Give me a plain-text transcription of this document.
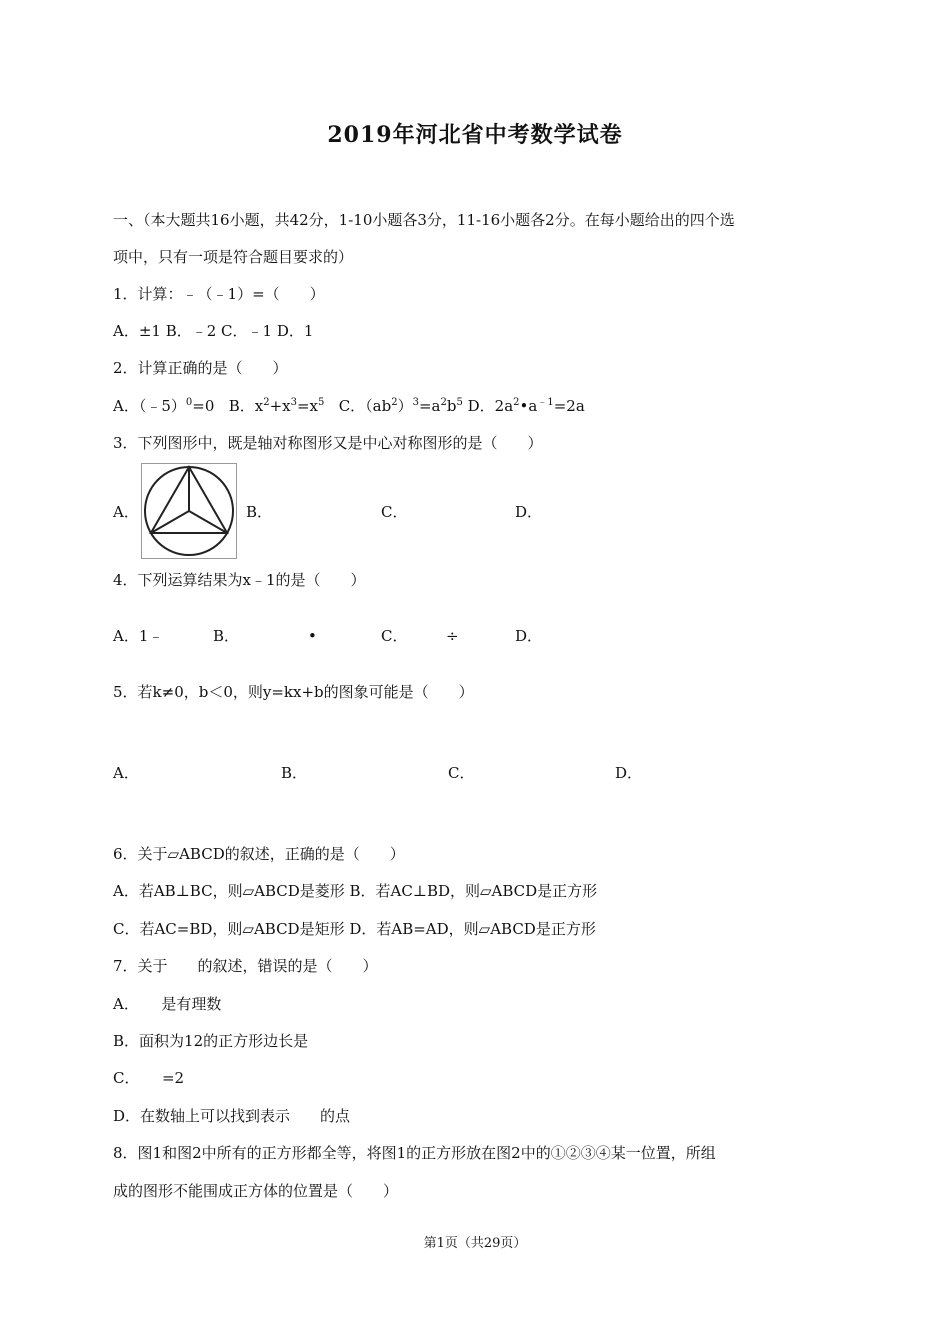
2019年河北省中考数学试卷
一、（本大题共16小题，共42分，1-10小题各3分，11-16小题各2分。在每小题给出的四个选
项中，只有一项是符合题目要求的）
1．计算：﹣（﹣1）=（　　）
A．±1 B．﹣2 C．﹣1 D．1
2．计算正确的是（　　）
A．（﹣5）$^0$=0 B．$x^2+x^3=x^5$ C．$(ab^2)^3=a^2b^5$ D．$2a^2•a^{﹣1}=2a$
3．下列图形中，既是轴对称图形又是中心对称图形的是（　　）
A．	B．	C．	D．
4．下列运算结果为x﹣1的是（　　）
A．1﹣	B．	•	C．	÷	D．
5．若k≠0，b＜0，则y=kx+b的图象可能是（　　）
A．	B．	C．	D．
6．关于▱ABCD的叙述，正确的是（　　）
A．若AB⊥BC，则▱ABCD是菱形 B．若AC⊥BD，则▱ABCD是正方形
C．若AC=BD，则▱ABCD是矩形 D．若AB=AD，则▱ABCD是正方形
7．关于　　的叙述，错误的是（　　）
A．　　是有理数
B．面积为12的正方形边长是
C．　　=2
D．在数轴上可以找到表示　　的点
8．图1和图2中所有的正方形都全等，将图1的正方形放在图2中的①②③④某一位置，所组
成的图形不能围成正方体的位置是（　　）
第1页（共29页）
